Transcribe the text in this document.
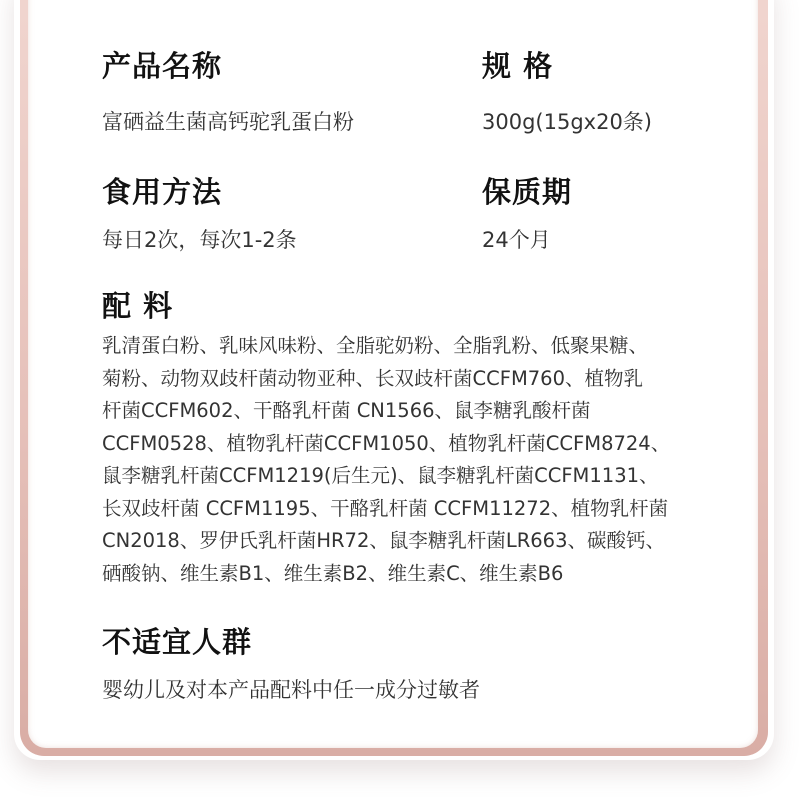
产品名称
富硒益生菌高钙驼乳蛋白粉
规 格
300g(15gx20条)
食用方法
每日2次，每次1-2条
保质期
24个月
配 料
乳清蛋白粉、乳味风味粉、全脂驼奶粉、全脂乳粉、低聚果糖、
菊粉、动物双歧杆菌动物亚种、长双歧杆菌CCFM760、植物乳
杆菌CCFM602、干酪乳杆菌 CN1566、鼠李糖乳酸杆菌
CCFM0528、植物乳杆菌CCFM1050、植物乳杆菌CCFM8724、
鼠李糖乳杆菌CCFM1219(后生元)、鼠李糖乳杆菌CCFM1131、
长双歧杆菌 CCFM1195、干酪乳杆菌 CCFM11272、植物乳杆菌
CN2018、罗伊氏乳杆菌HR72、鼠李糖乳杆菌LR663、碳酸钙、
硒酸钠、维生素B1、维生素B2、维生素C、维生素B6
不适宜人群
婴幼儿及对本产品配料中任一成分过敏者
